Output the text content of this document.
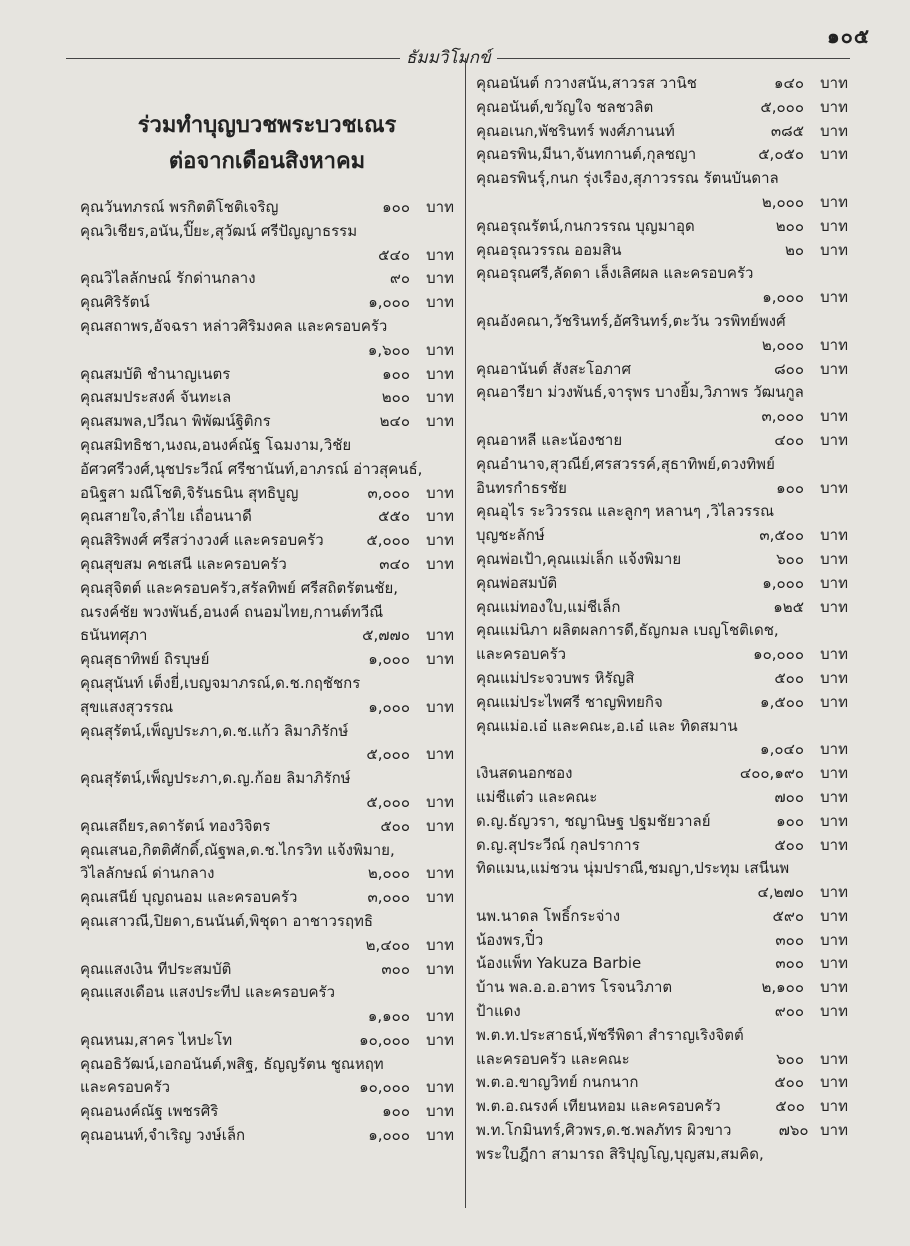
๑๐๕
ธัมมวิโมกข์
ร่วมทำบุญบวชพระบวชเณร
ต่อจากเดือนสิงหาคม
คุณวันทภรณ์ พรกิตติโชติเจริญ	๑๐๐	บาท
คุณวิเชียร,อนัน,ปิ๊ยะ,สุวัฒน์ ศรีปัญญาธรรม
๕๔๐	บาท
คุณวิไลลักษณ์ รักด่านกลาง	๙๐	บาท
คุณศิริรัตน์	๑,๐๐๐	บาท
คุณสถาพร,อัจฉรา หล่าวศิริมงคล และครอบครัว
๑,๖๐๐	บาท
คุณสมบัติ ชำนาญเนตร	๑๐๐	บาท
คุณสมประสงค์ จันทะเล	๒๐๐	บาท
คุณสมพล,ปวีณา พิพัฒน์ฐิติกร	๒๔๐	บาท
คุณสมิทธิชา,นงณ,อนงค์ณัฐ โฉมงาม,วิชัย
อัศวศรีวงศ์,นุชประวีณ์ ศรีชานันท์,อาภรณ์ อ่าวสุคนธ์,
อนิฐสา มณีโชติ,จิรันธนิน สุทธิบูญ	๓,๐๐๐	บาท
คุณสายใจ,ลำไย เถื่อนนาดี	๕๕๐	บาท
คุณสิริพงศ์ ศรีสว่างวงศ์ และครอบครัว	๕,๐๐๐	บาท
คุณสุขสม คชเสนี และครอบครัว	๓๔๐	บาท
คุณสุจิตต์ และครอบครัว,สรัลทิพย์ ศรีสถิตรัตนชัย,
ณรงค์ชัย พวงพันธ์,อนงค์ ถนอมไทย,กานต์ทวีณี
ธนันทศุภา	๕,๗๗๐	บาท
คุณสุธาทิพย์ ถิรบุษย์	๑,๐๐๐	บาท
คุณสุนันท์ เต็งยี่,เบญจมาภรณ์,ด.ช.กฤชัชกร
สุขแสงสุวรรณ	๑,๐๐๐	บาท
คุณสุรัตน์,เพ็ญประภา,ด.ช.แก้ว ลิมาภิรักษ์
๕,๐๐๐	บาท
คุณสุรัตน์,เพ็ญประภา,ด.ญ.ก้อย ลิมาภิรักษ์
๕,๐๐๐	บาท
คุณเสถียร,ลดารัตน์ ทองวิจิตร	๕๐๐	บาท
คุณเสนอ,กิตติศักดิ์,ณัฐพล,ด.ช.ไกรวิท แจ้งพิมาย,
วิไลลักษณ์ ด่านกลาง	๒,๐๐๐	บาท
คุณเสนีย์ บุญถนอม และครอบครัว	๓,๐๐๐	บาท
คุณเสาวณี,ปิยดา,ธนนันต์,พิชุดา อาชาวรฤทธิ
๒,๔๐๐	บาท
คุณแสงเงิน ทีประสมบัติ	๓๐๐	บาท
คุณแสงเดือน แสงประทีป และครอบครัว
๑,๑๐๐	บาท
คุณหนม,สาคร ไหปะโท	๑๐,๐๐๐	บาท
คุณอธิวัฒน์,เอกอนันต์,พสิฐ, ธัญญรัตน ชูณหฤท
และครอบครัว	๑๐,๐๐๐	บาท
คุณอนงค์ณัฐ เพชรศิริ	๑๐๐	บาท
คุณอนนท์,จำเริญ วงษ์เล็ก	๑,๐๐๐	บาท
คุณอนันต์ กวางสนัน,สาวรส วานิช	๑๔๐	บาท
คุณอนันต์,ขวัญใจ ชลชวลิต	๕,๐๐๐	บาท
คุณอเนก,พัชรินทร์ พงศ์ภานนท์	๓๘๕	บาท
คุณอรพิน,มีนา,จันทกานต์,กุลชญา	๕,๐๕๐	บาท
คุณอรพินรุ์,กนก รุ่งเรือง,สุภาวรรณ รัตนบันดาล
๒,๐๐๐	บาท
คุณอรุณรัตน์,กนกวรรณ บุญมาอุด	๒๐๐	บาท
คุณอรุณวรรณ ออมสิน	๒๐	บาท
คุณอรุณศรี,ลัดดา เล็งเลิศผล และครอบครัว
๑,๐๐๐	บาท
คุณอังคณา,วัชรินทร์,อัศรินทร์,ตะวัน วรพิทย์พงศ์
๒,๐๐๐	บาท
คุณอานันต์ สังสะโอภาศ	๘๐๐	บาท
คุณอารียา ม่วงพันธ์,จารุพร บางยิ้ม,วิภาพร วัฒนกูล
๓,๐๐๐	บาท
คุณอาหลี และน้องชาย	๔๐๐	บาท
คุณอำนาจ,สุวณีย์,ศรสวรรค์,สุธาทิพย์,ดวงทิพย์
อินทรกำธรชัย	๑๐๐	บาท
คุณอุไร ระวิวรรณ และลูกๆ หลานๆ ,วิไลวรรณ
บุญชะลักษ์	๓,๕๐๐	บาท
คุณพ่อเป้า,คุณแม่เล็ก แจ้งพิมาย	๖๐๐	บาท
คุณพ่อสมบัติ	๑,๐๐๐	บาท
คุณแม่ทองใบ,แม่ชีเล็ก	๑๒๕	บาท
คุณแม่นิภา ผลิตผลการดี,ธัญกมล เบญโชติเดช,
และครอบครัว	๑๐,๐๐๐	บาท
คุณแม่ประจวบพร หิรัญสิ	๕๐๐	บาท
คุณแม่ประไพศรี ชาญพิทยกิจ	๑,๕๐๐	บาท
คุณแม่อ.เอ๋ และคณะ,อ.เอ๋ และ ทิดสมาน
๑,๐๔๐	บาท
เงินสดนอกซอง	๔๐๐,๑๙๐	บาท
แม่ชีแต๋ว และคณะ	๗๐๐	บาท
ด.ญ.ธัญวรา, ชญานิษฐ ปฐมชัยวาลย์	๑๐๐	บาท
ด.ญ.สุประวีณ์ กุลปราการ	๕๐๐	บาท
ทิดแมน,แม่ชวน นุ่มปราณี,ชมญา,ประทุม เสนีนพ
๔,๒๗๐	บาท
นพ.นาดล โพธิ์กระจ่าง	๕๙๐	บาท
น้องพร,ปิ๋ว	๓๐๐	บาท
น้องแพ็ท Yakuza Barbie	๓๐๐	บาท
บ้าน พล.อ.อ.อาทร โรจนวิภาต	๒,๑๐๐	บาท
ป้าแดง	๙๐๐	บาท
พ.ต.ท.ประสาธน์,พัชรีพิดา สำราญเริงจิตต์
และครอบครัว และคณะ	๖๐๐	บาท
พ.ต.อ.ขาญวิทย์ กนกนาก	๕๐๐	บาท
พ.ต.อ.ณรงค์ เทียนหอม และครอบครัว	๕๐๐	บาท
พ.ท.โกมินทร์,ศิวพร,ด.ช.พลภัทร ผิวขาว	๗๖๐ บาท
พระใบฎีกา สามารถ สิริปุญโญ,บุญสม,สมคิด,
